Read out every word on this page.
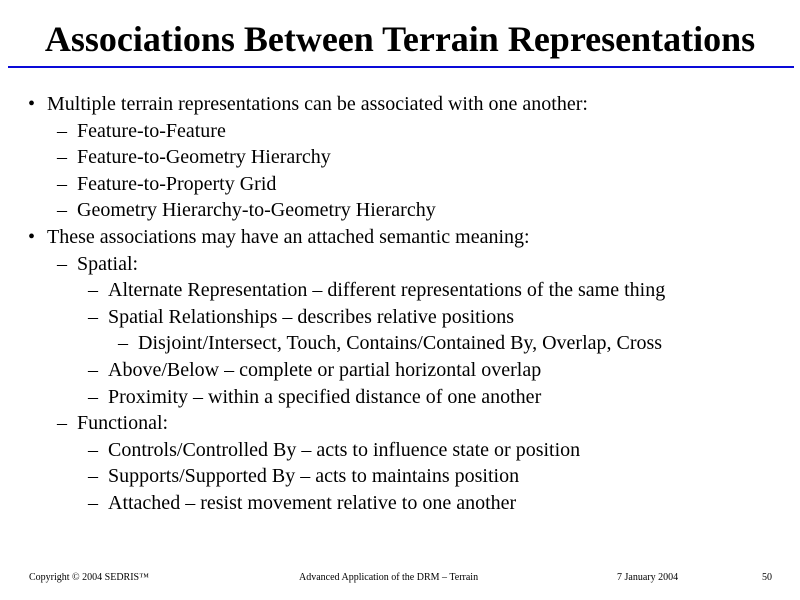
Associations Between Terrain Representations
• Multiple terrain representations can be associated with one another:
– Feature-to-Feature
– Feature-to-Geometry Hierarchy
– Feature-to-Property Grid
– Geometry Hierarchy-to-Geometry Hierarchy
• These associations may have an attached semantic meaning:
– Spatial:
– Alternate Representation – different representations of the same thing
– Spatial Relationships – describes relative positions
– Disjoint/Intersect, Touch, Contains/Contained By, Overlap, Cross
– Above/Below – complete or partial horizontal overlap
– Proximity – within a specified distance of one another
– Functional:
– Controls/Controlled By – acts to influence state or position
– Supports/Supported By – acts to maintains position
– Attached – resist movement relative to one another
Copyright © 2004 SEDRIS™	Advanced Application of the DRM – Terrain	7 January 2004	50
